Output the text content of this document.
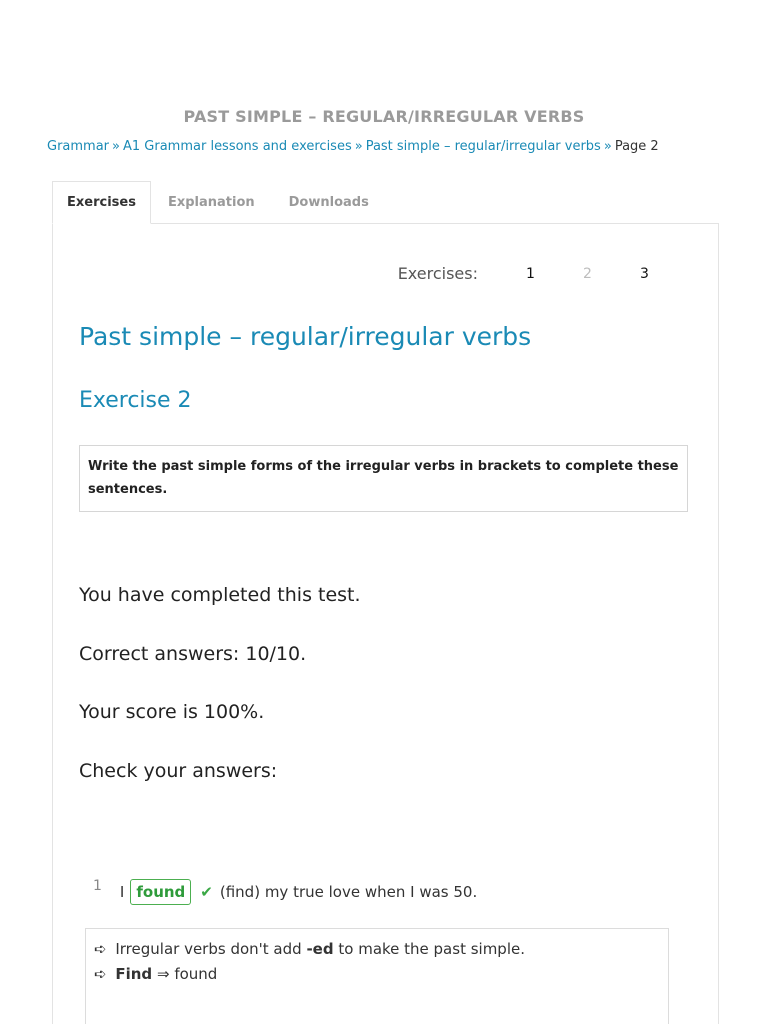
PAST SIMPLE – REGULAR/IRREGULAR VERBS
Grammar » A1 Grammar lessons and exercises » Past simple – regular/irregular verbs » Page 2
Exercises	Explanation	Downloads
Exercises:	1	2	3
Past simple – regular/irregular verbs
Exercise 2
Write the past simple forms of the irregular verbs in brackets to complete these sentences.
You have completed this test.
Correct answers: 10/10.
Your score is 100%.
Check your answers:
1 I found	✔ (find) my true love when I was 50.
➪ Irregular verbs don't add -ed to make the past simple.
➪ Find ⇒ found
